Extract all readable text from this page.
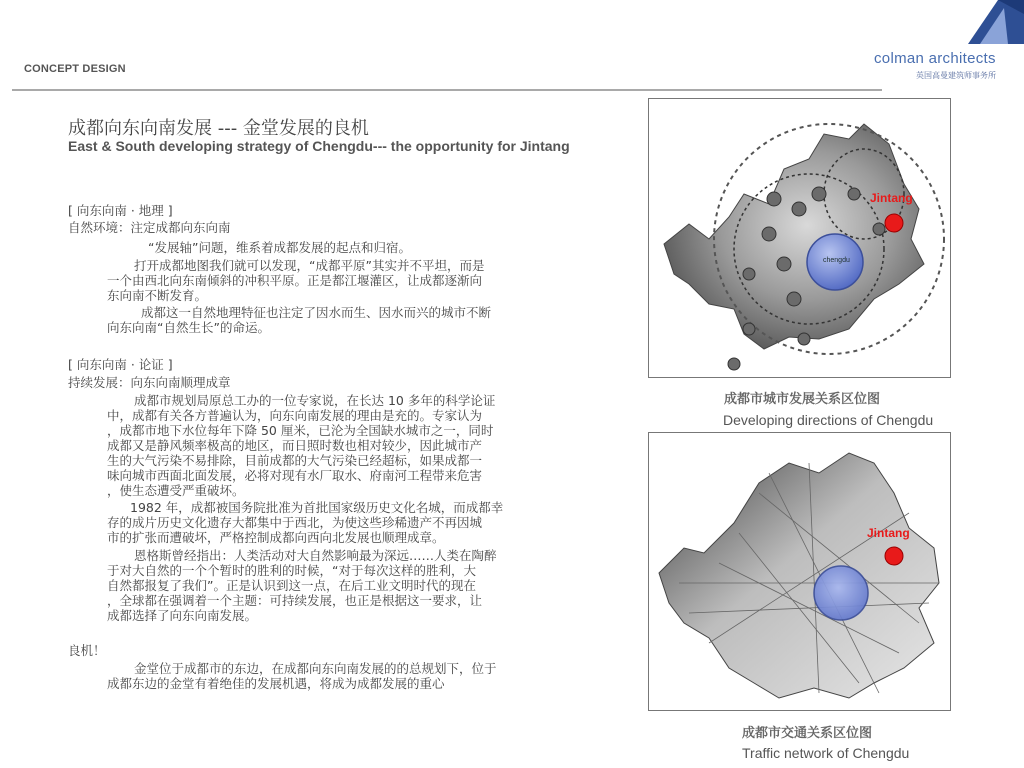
CONCEPT DESIGN
colman architects
英国高曼建筑师事务所
成都向东向南发展 --- 金堂发展的良机
East & South developing strategy of Chengdu--- the opportunity for Jintang
[ 向东向南 · 地理 ]
自然环境：注定成都向东向南
“发展轴”问题，维系着成都发展的起点和归宿。
打开成都地图我们就可以发现，“成都平原”其实并不平坦，而是
一个由西北向东南倾斜的冲积平原。正是都江堰灌区，让成都逐渐向
东向南不断发育。
成都这一自然地理特征也注定了因水而生、因水而兴的城市不断
向东向南“自然生长”的命运。
[ 向东向南 · 论证 ]
持续发展：向东向南顺理成章
成都市规划局原总工办的一位专家说，在长达 10 多年的科学论证
中，成都有关各方普遍认为，向东向南发展的理由是充的。专家认为
，成都市地下水位每年下降 50 厘米，已沦为全国缺水城市之一，同时
成都又是静风频率极高的地区，而日照时数也相对较少，因此城市产
生的大气污染不易排除，目前成都的大气污染已经超标，如果成都一
味向城市西面北面发展，必将对现有水厂取水、府南河工程带来危害
，使生态遭受严重破坏。
1982 年，成都被国务院批准为首批国家级历史文化名城，而成都幸
存的成片历史文化遗存大都集中于西北，为使这些珍稀遗产不再因城
市的扩张而遭破坏，严格控制成都向西向北发展也顺理成章。
恩格斯曾经指出：人类活动对大自然影响最为深远……人类在陶醉
于对大自然的一个个暂时的胜利的时候，“对于每次这样的胜利，大
自然都报复了我们”。正是认识到这一点，在后工业文明时代的现在
，全球都在强调着一个主题：可持续发展，也正是根据这一要求，让
成都选择了向东向南发展。
良机！
金堂位于成都市的东边，在成都向东向南发展的的总规划下，位于
成都东边的金堂有着绝佳的发展机遇，将成为成都发展的重心
Jintang
chengdu
成都市城市发展关系区位图
Developing directions of Chengdu
Jintang
成都市交通关系区位图
Traffic network of Chengdu
